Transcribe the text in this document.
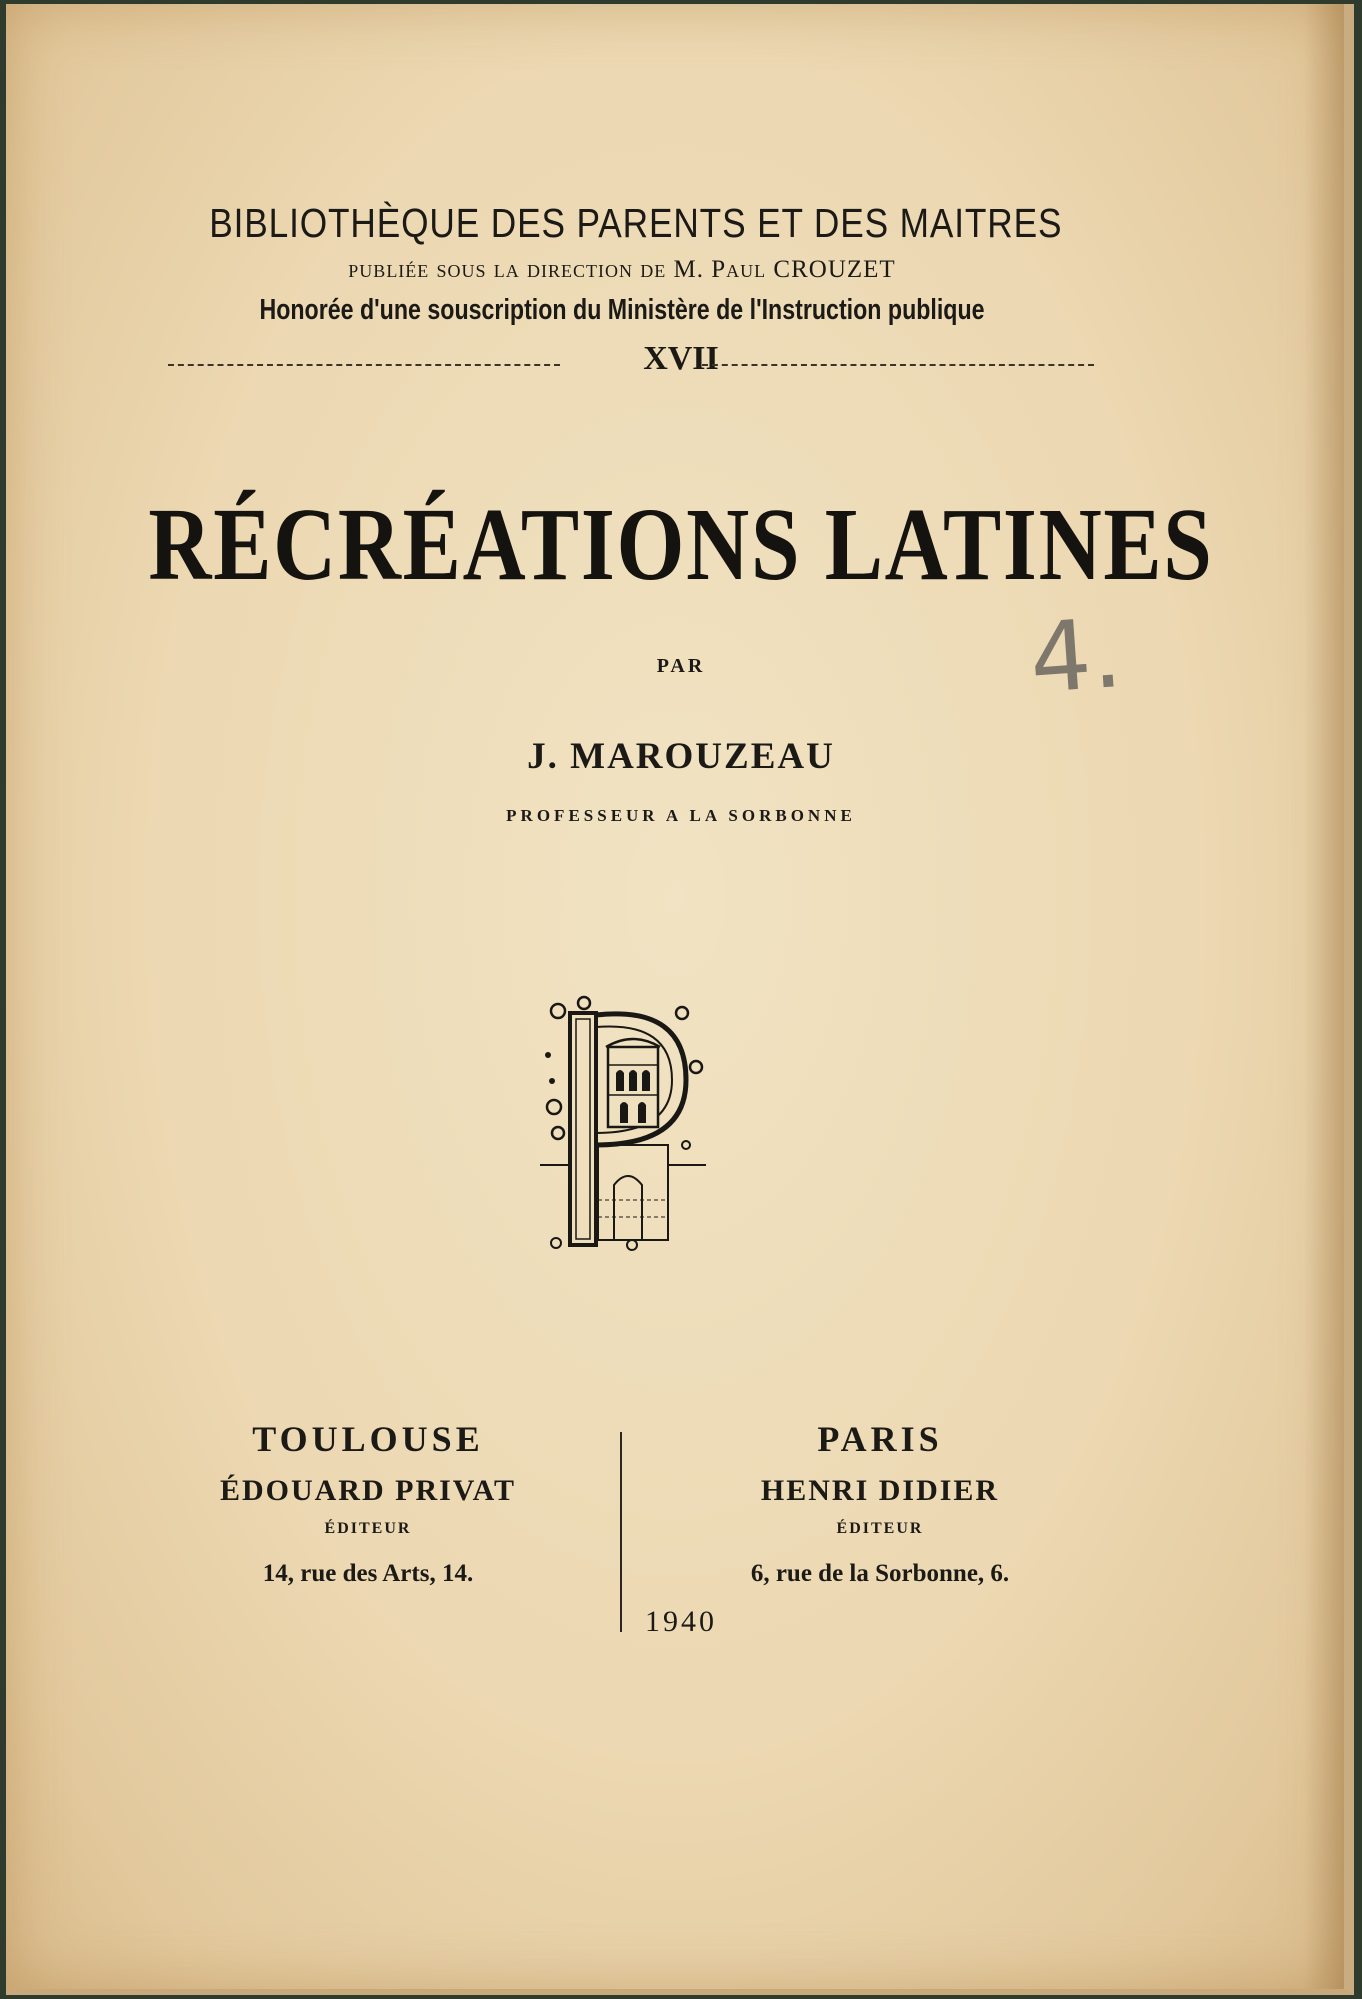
BIBLIOTHÈQUE DES PARENTS ET DES MAITRES
publiée sous la direction de M. Paul CROUZET
Honorée d'une souscription du Ministère de l'Instruction publique
XVII
RÉCRÉATIONS LATINES
PAR
J. MAROUZEAU
PROFESSEUR A LA SORBONNE
4.
TOULOUSE
ÉDOUARD PRIVAT
ÉDITEUR
14, rue des Arts, 14.
PARIS
HENRI DIDIER
ÉDITEUR
6, rue de la Sorbonne, 6.
1940
